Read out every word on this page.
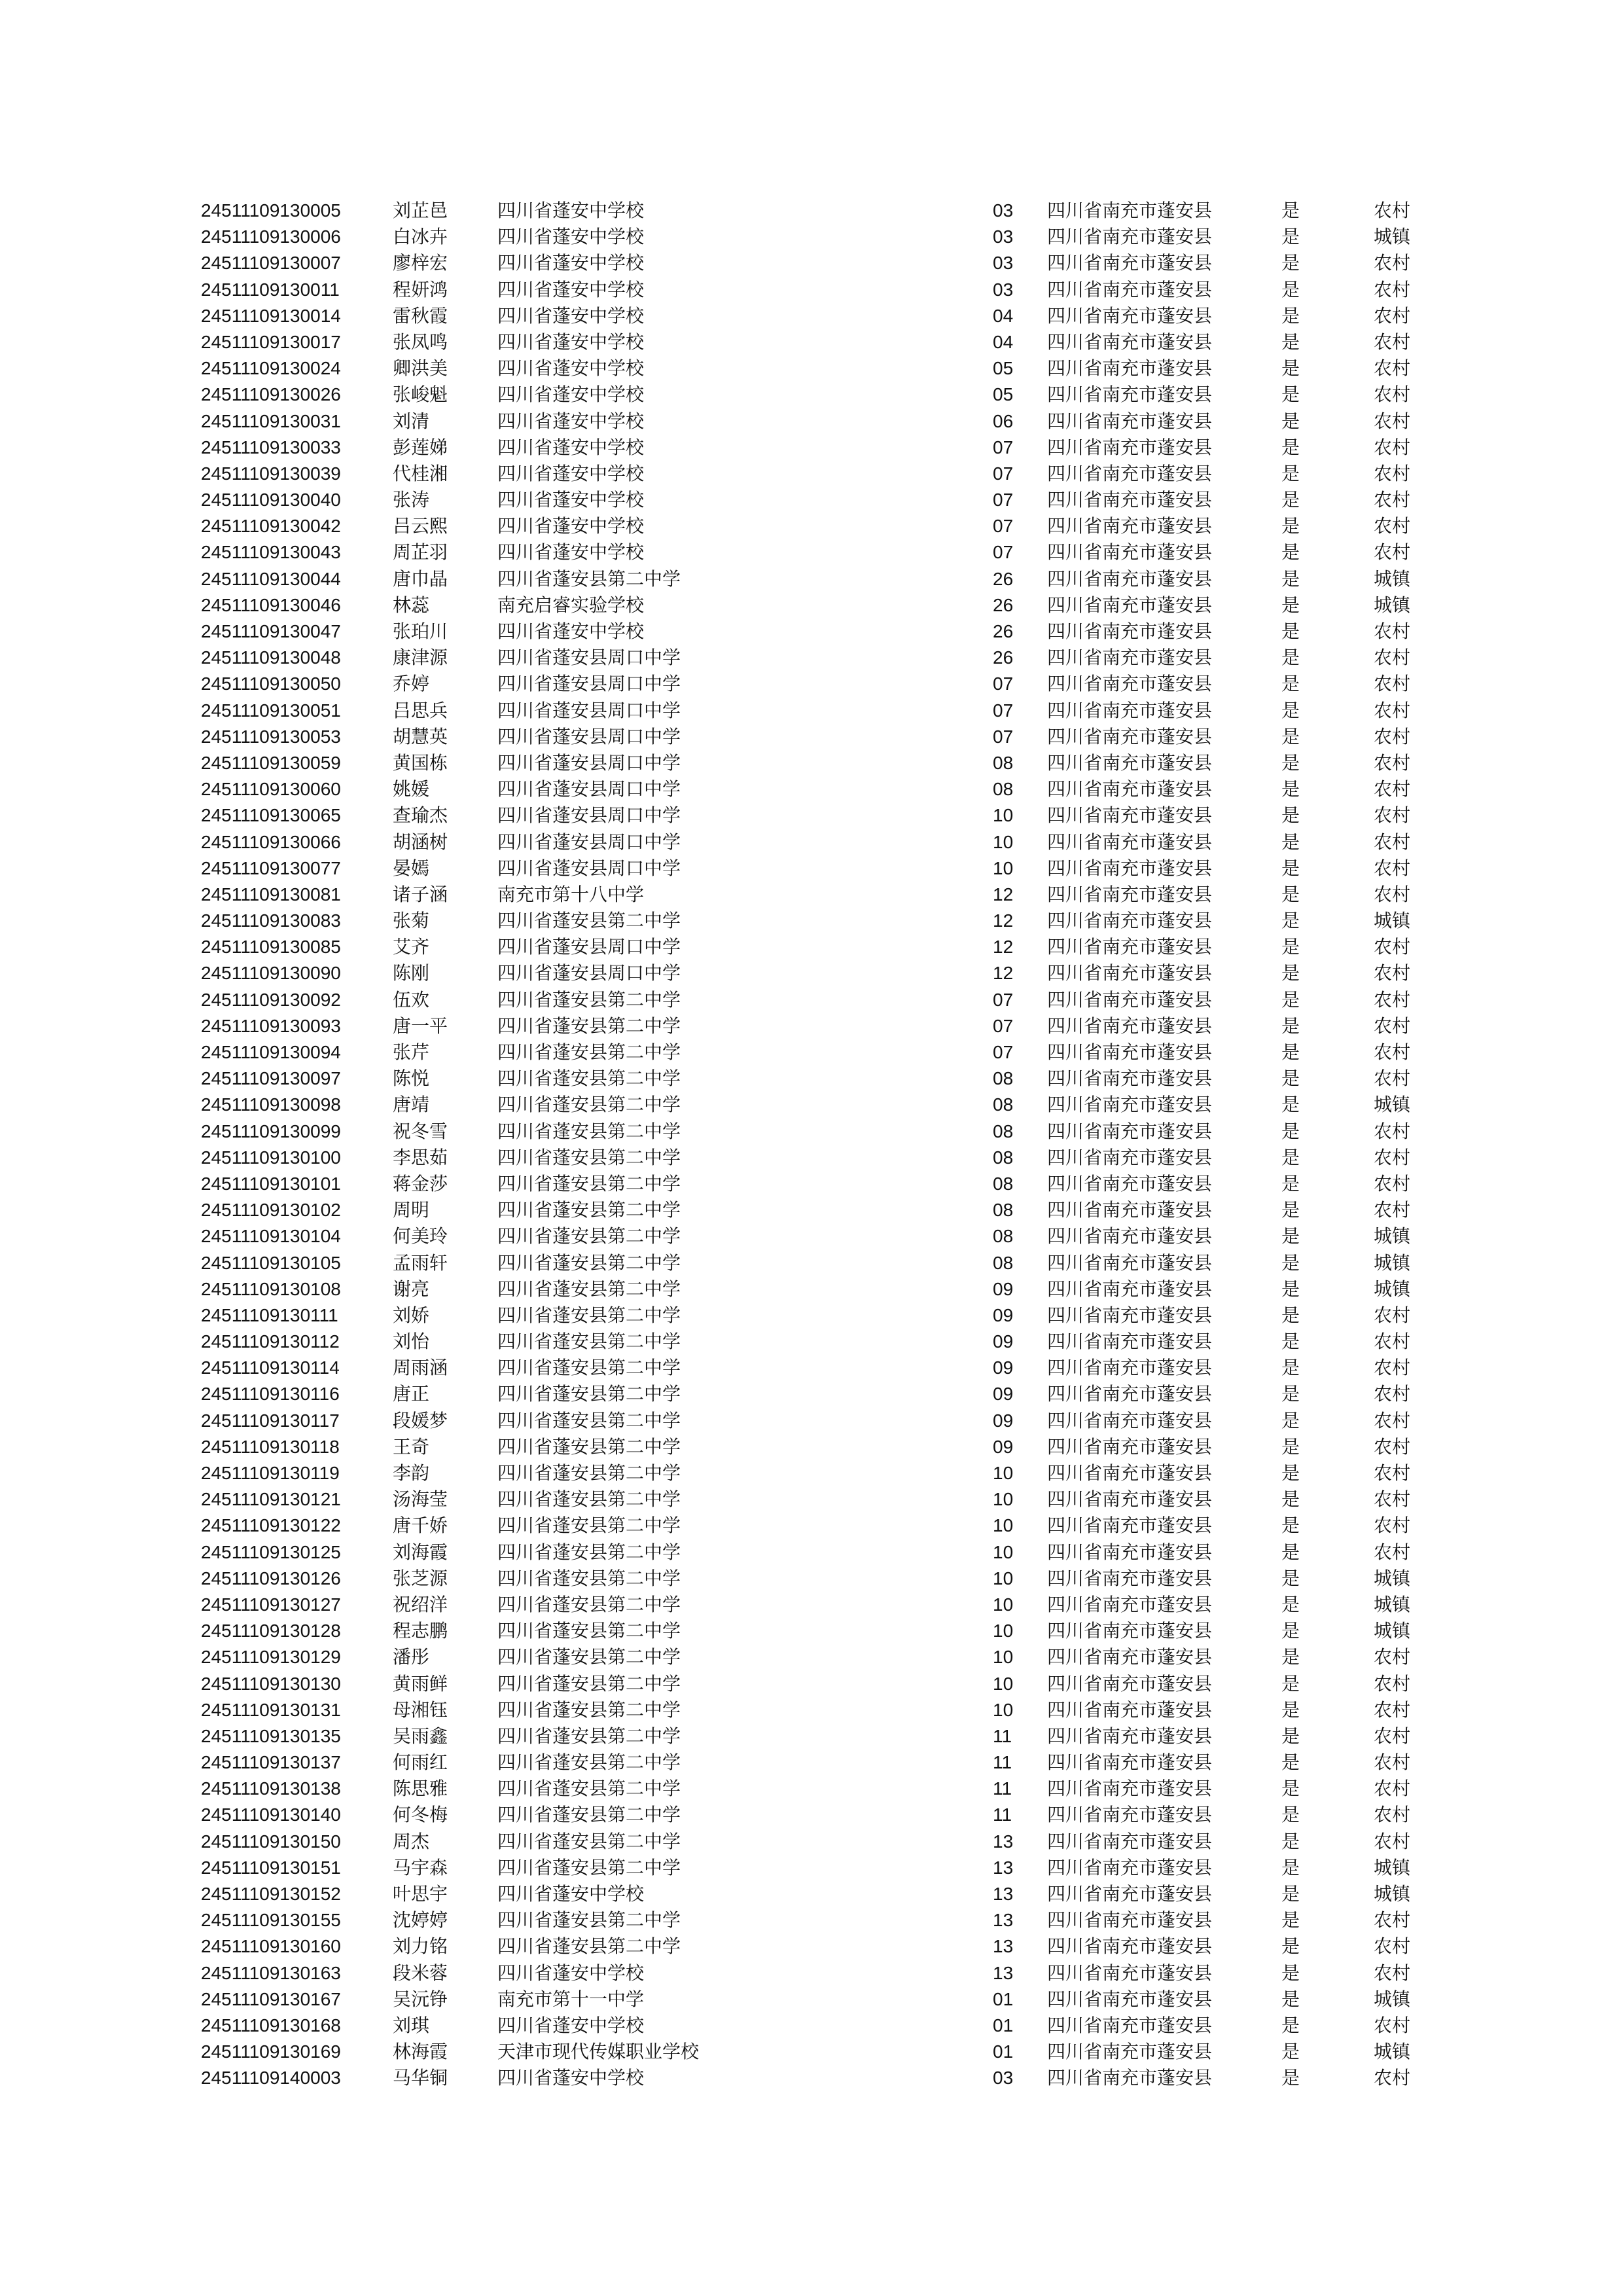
24511109130005	刘芷邑	四川省蓬安中学校	03 四川省南充市蓬安县	是	农村
24511109130006	白冰卉	四川省蓬安中学校	03 四川省南充市蓬安县	是	城镇
24511109130007	廖梓宏	四川省蓬安中学校	03 四川省南充市蓬安县	是	农村
24511109130011	程妍鸿	四川省蓬安中学校	03 四川省南充市蓬安县	是	农村
24511109130014	雷秋霞	四川省蓬安中学校	04 四川省南充市蓬安县	是	农村
24511109130017	张凤鸣	四川省蓬安中学校	04 四川省南充市蓬安县	是	农村
24511109130024	卿洪美	四川省蓬安中学校	05 四川省南充市蓬安县	是	农村
24511109130026	张峻魁	四川省蓬安中学校	05 四川省南充市蓬安县	是	农村
24511109130031	刘清	四川省蓬安中学校	06 四川省南充市蓬安县	是	农村
24511109130033	彭莲娣	四川省蓬安中学校	07 四川省南充市蓬安县	是	农村
24511109130039	代桂湘	四川省蓬安中学校	07 四川省南充市蓬安县	是	农村
24511109130040	张涛	四川省蓬安中学校	07 四川省南充市蓬安县	是	农村
24511109130042	吕云熙	四川省蓬安中学校	07 四川省南充市蓬安县	是	农村
24511109130043	周芷羽	四川省蓬安中学校	07 四川省南充市蓬安县	是	农村
24511109130044	唐巾晶	四川省蓬安县第二中学	26 四川省南充市蓬安县	是	城镇
24511109130046	林蕊	南充启睿实验学校	26 四川省南充市蓬安县	是	城镇
24511109130047	张珀川	四川省蓬安中学校	26 四川省南充市蓬安县	是	农村
24511109130048	康津源	四川省蓬安县周口中学	26 四川省南充市蓬安县	是	农村
24511109130050	乔婷	四川省蓬安县周口中学	07 四川省南充市蓬安县	是	农村
24511109130051	吕思兵	四川省蓬安县周口中学	07 四川省南充市蓬安县	是	农村
24511109130053	胡慧英	四川省蓬安县周口中学	07 四川省南充市蓬安县	是	农村
24511109130059	黄国栋	四川省蓬安县周口中学	08 四川省南充市蓬安县	是	农村
24511109130060	姚媛	四川省蓬安县周口中学	08 四川省南充市蓬安县	是	农村
24511109130065	查瑜杰	四川省蓬安县周口中学	10 四川省南充市蓬安县	是	农村
24511109130066	胡涵树	四川省蓬安县周口中学	10 四川省南充市蓬安县	是	农村
24511109130077	晏嫣	四川省蓬安县周口中学	10 四川省南充市蓬安县	是	农村
24511109130081	诸子涵	南充市第十八中学	12 四川省南充市蓬安县	是	农村
24511109130083	张菊	四川省蓬安县第二中学	12 四川省南充市蓬安县	是	城镇
24511109130085	艾齐	四川省蓬安县周口中学	12 四川省南充市蓬安县	是	农村
24511109130090	陈刚	四川省蓬安县周口中学	12 四川省南充市蓬安县	是	农村
24511109130092	伍欢	四川省蓬安县第二中学	07 四川省南充市蓬安县	是	农村
24511109130093	唐一平	四川省蓬安县第二中学	07 四川省南充市蓬安县	是	农村
24511109130094	张芹	四川省蓬安县第二中学	07 四川省南充市蓬安县	是	农村
24511109130097	陈悦	四川省蓬安县第二中学	08 四川省南充市蓬安县	是	农村
24511109130098	唐靖	四川省蓬安县第二中学	08 四川省南充市蓬安县	是	城镇
24511109130099	祝冬雪	四川省蓬安县第二中学	08 四川省南充市蓬安县	是	农村
24511109130100	李思茹	四川省蓬安县第二中学	08 四川省南充市蓬安县	是	农村
24511109130101	蒋金莎	四川省蓬安县第二中学	08 四川省南充市蓬安县	是	农村
24511109130102	周明	四川省蓬安县第二中学	08 四川省南充市蓬安县	是	农村
24511109130104	何美玲	四川省蓬安县第二中学	08 四川省南充市蓬安县	是	城镇
24511109130105	孟雨轩	四川省蓬安县第二中学	08 四川省南充市蓬安县	是	城镇
24511109130108	谢亮	四川省蓬安县第二中学	09 四川省南充市蓬安县	是	城镇
24511109130111	刘娇	四川省蓬安县第二中学	09 四川省南充市蓬安县	是	农村
24511109130112	刘怡	四川省蓬安县第二中学	09 四川省南充市蓬安县	是	农村
24511109130114	周雨涵	四川省蓬安县第二中学	09 四川省南充市蓬安县	是	农村
24511109130116	唐正	四川省蓬安县第二中学	09 四川省南充市蓬安县	是	农村
24511109130117	段媛梦	四川省蓬安县第二中学	09 四川省南充市蓬安县	是	农村
24511109130118	王奇	四川省蓬安县第二中学	09 四川省南充市蓬安县	是	农村
24511109130119	李韵	四川省蓬安县第二中学	10 四川省南充市蓬安县	是	农村
24511109130121	汤海莹	四川省蓬安县第二中学	10 四川省南充市蓬安县	是	农村
24511109130122	唐千娇	四川省蓬安县第二中学	10 四川省南充市蓬安县	是	农村
24511109130125	刘海霞	四川省蓬安县第二中学	10 四川省南充市蓬安县	是	农村
24511109130126	张芝源	四川省蓬安县第二中学	10 四川省南充市蓬安县	是	城镇
24511109130127	祝绍洋	四川省蓬安县第二中学	10 四川省南充市蓬安县	是	城镇
24511109130128	程志鹏	四川省蓬安县第二中学	10 四川省南充市蓬安县	是	城镇
24511109130129	潘彤	四川省蓬安县第二中学	10 四川省南充市蓬安县	是	农村
24511109130130	黄雨鲜	四川省蓬安县第二中学	10 四川省南充市蓬安县	是	农村
24511109130131	母湘钰	四川省蓬安县第二中学	10 四川省南充市蓬安县	是	农村
24511109130135	吴雨鑫	四川省蓬安县第二中学	11 四川省南充市蓬安县	是	农村
24511109130137	何雨红	四川省蓬安县第二中学	11 四川省南充市蓬安县	是	农村
24511109130138	陈思雅	四川省蓬安县第二中学	11 四川省南充市蓬安县	是	农村
24511109130140	何冬梅	四川省蓬安县第二中学	11 四川省南充市蓬安县	是	农村
24511109130150	周杰	四川省蓬安县第二中学	13 四川省南充市蓬安县	是	农村
24511109130151	马宇森	四川省蓬安县第二中学	13 四川省南充市蓬安县	是	城镇
24511109130152	叶思宇	四川省蓬安中学校	13 四川省南充市蓬安县	是	城镇
24511109130155	沈婷婷	四川省蓬安县第二中学	13 四川省南充市蓬安县	是	农村
24511109130160	刘力铭	四川省蓬安县第二中学	13 四川省南充市蓬安县	是	农村
24511109130163	段米蓉	四川省蓬安中学校	13 四川省南充市蓬安县	是	农村
24511109130167	吴沅铮	南充市第十一中学	01 四川省南充市蓬安县	是	城镇
24511109130168	刘琪	四川省蓬安中学校	01 四川省南充市蓬安县	是	农村
24511109130169	林海霞	天津市现代传媒职业学校	01 四川省南充市蓬安县	是	城镇
24511109140003	马华铜	四川省蓬安中学校	03 四川省南充市蓬安县	是	农村
